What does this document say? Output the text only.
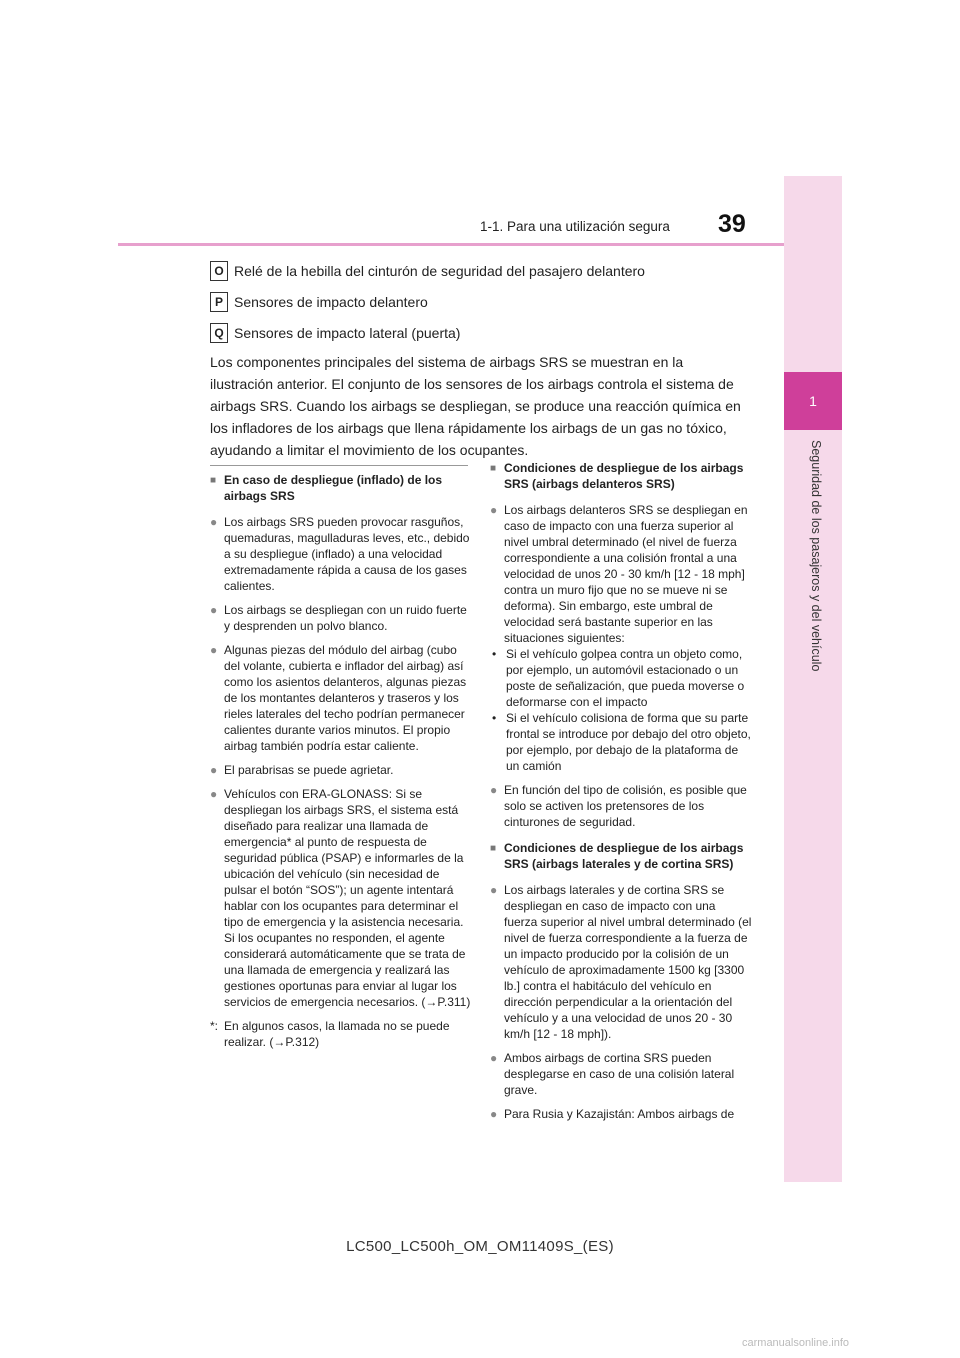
1-1. Para una utilización segura 39
1
Seguridad de los pasajeros y del vehículo
O Relé de la hebilla del cinturón de seguridad del pasajero delantero
P Sensores de impacto delantero
Q Sensores de impacto lateral (puerta)

Los componentes principales del sistema de airbags SRS se muestran en la ilustración anterior. El conjunto de los sensores de los airbags controla el sistema de airbags SRS. Cuando los airbags se despliegan, se produce una reacción química en los infladores de los airbags que llena rápidamente los airbags de un gas no tóxico, ayudando a limitar el movimiento de los ocupantes.

■ En caso de despliegue (inflado) de los airbags SRS
● Los airbags SRS pueden provocar rasguños, quemaduras, magulladuras leves, etc., debido a su despliegue (inflado) a una velocidad extremadamente rápida a causa de los gases calientes.
● Los airbags se despliegan con un ruido fuerte y desprenden un polvo blanco.
● Algunas piezas del módulo del airbag (cubo del volante, cubierta e inflador del airbag) así como los asientos delanteros, algunas piezas de los montantes delanteros y traseros y los rieles laterales del techo podrían permanecer calientes durante varios minutos. El propio airbag también podría estar caliente.
● El parabrisas se puede agrietar.
● Vehículos con ERA-GLONASS: Si se despliegan los airbags SRS, el sistema está diseñado para realizar una llamada de emergencia* al punto de respuesta de seguridad pública (PSAP) e informarles de la ubicación del vehículo (sin necesidad de pulsar el botón “SOS”); un agente intentará hablar con los ocupantes para determinar el tipo de emergencia y la asistencia necesaria. Si los ocupantes no responden, el agente considerará automáticamente que se trata de una llamada de emergencia y realizará las gestiones oportunas para enviar al lugar los servicios de emergencia necesarios. (→P.311)
*: En algunos casos, la llamada no se puede realizar. (→P.312)
■ Condiciones de despliegue de los airbags SRS (airbags delanteros SRS)
● Los airbags delanteros SRS se despliegan en caso de impacto con una fuerza superior al nivel umbral determinado (el nivel de fuerza correspondiente a una colisión frontal a una velocidad de unos 20 - 30 km/h [12 - 18 mph] contra un muro fijo que no se mueve ni se deforma). Sin embargo, este umbral de velocidad será bastante superior en las situaciones siguientes:
• Si el vehículo golpea contra un objeto como, por ejemplo, un automóvil estacionado o un poste de señalización, que pueda moverse o deformarse con el impacto
• Si el vehículo colisiona de forma que su parte frontal se introduce por debajo del otro objeto, por ejemplo, por debajo de la plataforma de un camión
● En función del tipo de colisión, es posible que solo se activen los pretensores de los cinturones de seguridad.
■ Condiciones de despliegue de los airbags SRS (airbags laterales y de cortina SRS)
● Los airbags laterales y de cortina SRS se despliegan en caso de impacto con una fuerza superior al nivel umbral determinado (el nivel de fuerza correspondiente a la fuerza de un impacto producido por la colisión de un vehículo de aproximadamente 1500 kg [3300 lb.] contra el habitáculo del vehículo en dirección perpendicular a la orientación del vehículo y a una velocidad de unos 20 - 30 km/h [12 - 18 mph]).
● Ambos airbags de cortina SRS pueden desplegarse en caso de una colisión lateral grave.
● Para Rusia y Kazajistán: Ambos airbags de
LC500_LC500h_OM_OM11409S_(ES)
carmanualsonline.info
